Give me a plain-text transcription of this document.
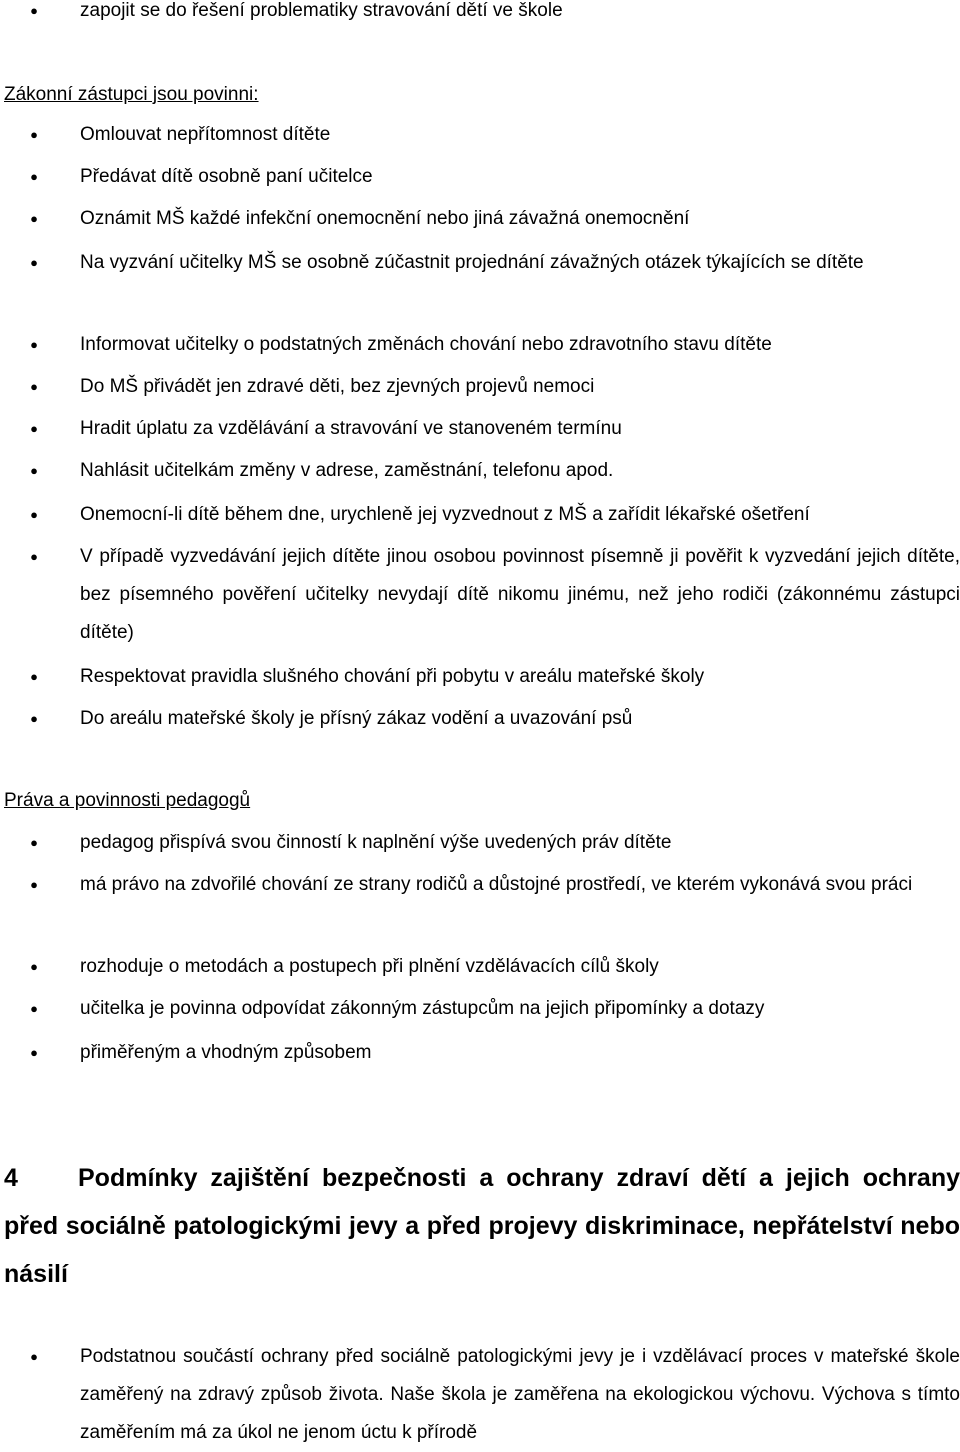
●	zapojit se do řešení problematiky stravování dětí ve škole
Zákonní zástupci jsou povinni:
●	Omlouvat nepřítomnost dítěte
●	Předávat dítě osobně paní učitelce
●	Oznámit MŠ každé infekční onemocnění nebo jiná závažná onemocnění
●	Na vyzvání učitelky MŠ se osobně zúčastnit projednání závažných otázek týkajících se dítěte
●	Informovat učitelky o podstatných změnách chování nebo zdravotního stavu dítěte
●	Do MŠ přivádět jen zdravé děti, bez zjevných projevů nemoci
●	Hradit úplatu za vzdělávání a stravování ve stanoveném termínu
●	Nahlásit učitelkám změny v adrese, zaměstnání, telefonu apod.
●	Onemocní-li dítě během dne, urychleně jej vyzvednout z MŠ a zařídit lékařské ošetření
●	V případě vyzvedávání jejich dítěte jinou osobou povinnost písemně ji pověřit k vyzvedání jejich dítěte, bez písemného pověření učitelky nevydají dítě nikomu jinému, než jeho rodiči (zákonnému zástupci dítěte)
●	Respektovat pravidla slušného chování při pobytu v areálu mateřské školy
●	Do areálu mateřské školy je přísný zákaz vodění a uvazování psů
Práva a povinnosti pedagogů
●	pedagog přispívá svou činností k naplnění výše uvedených práv dítěte
●	má právo na zdvořilé chování ze strany rodičů a důstojné prostředí, ve kterém vykonává svou práci
●	rozhoduje o metodách a postupech při plnění vzdělávacích cílů školy
●	učitelka je povinna odpovídat zákonným zástupcům na jejich připomínky a dotazy
●	přiměřeným a vhodným způsobem
4 Podmínky zajištění bezpečnosti a ochrany zdraví dětí a jejich ochrany před sociálně patologickými jevy a před projevy diskriminace, nepřátelství nebo násilí
●	Podstatnou součástí ochrany před sociálně patologickými jevy je i vzdělávací proces v mateřské škole zaměřený na zdravý způsob života. Naše škola je zaměřena na ekologickou výchovu. Výchova s tímto zaměřením má za úkol ne jenom úctu k přírodě
